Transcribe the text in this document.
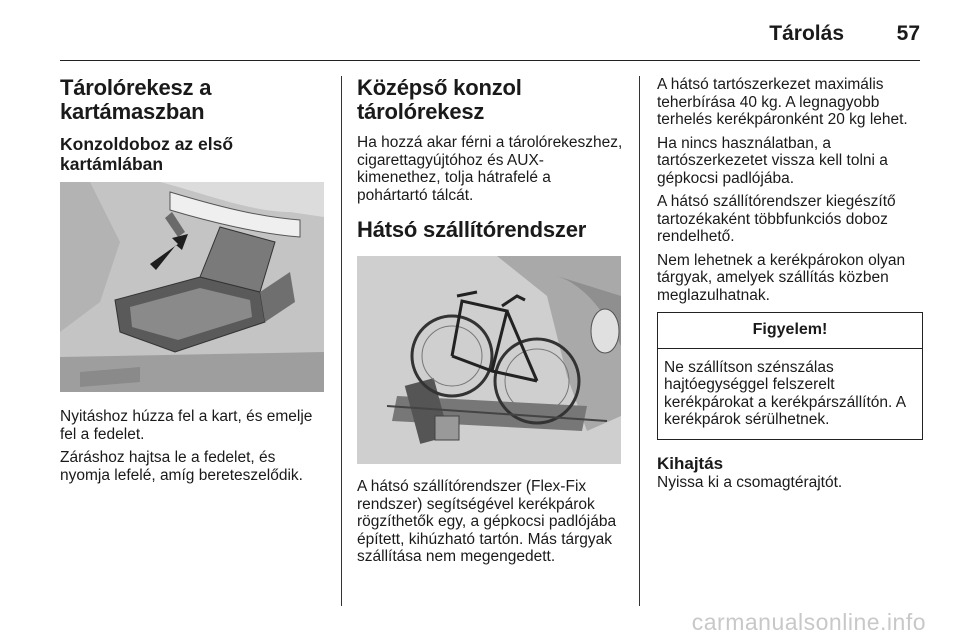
Tárolás	57
Tárolórekesz a kartámaszban
Konzoldoboz az első kartámlában

Nyitáshoz húzza fel a kart, és emelje fel a fedelet.

Záráshoz hajtsa le a fedelet, és nyomja lefelé, amíg bereteszelődik.

Középső konzol tárolórekesz

Ha hozzá akar férni a tárolórekeszhez, cigarettagyújtóhoz és AUX-kimenethez, tolja hátrafelé a pohártartó tálcát.

Hátsó szállítórendszer

A hátsó szállítórendszer (Flex-Fix rendszer) segítségével kerékpárok rögzíthetők egy, a gépkocsi padlójába épített, kihúzható tartón. Más tárgyak szállítása nem megengedett.

A hátsó tartószerkezet maximális teherbírása 40 kg. A legnagyobb terhelés kerékpáronként 20 kg lehet.

Ha nincs használatban, a tartószerkezetet vissza kell tolni a gépkocsi padlójába.

A hátsó szállítórendszer kiegészítő tartozékaként többfunkciós doboz rendelhető.

Nem lehetnek a kerékpárokon olyan tárgyak, amelyek szállítás közben meglazulhatnak.

Figyelem!
Ne szállítson szénszálas hajtóegységgel felszerelt kerékpárokat a kerékpárszállítón. A kerékpárok sérülhetnek.
Kihajtás

Nyissa ki a csomagtérajtót.

carmanualsonline.info
